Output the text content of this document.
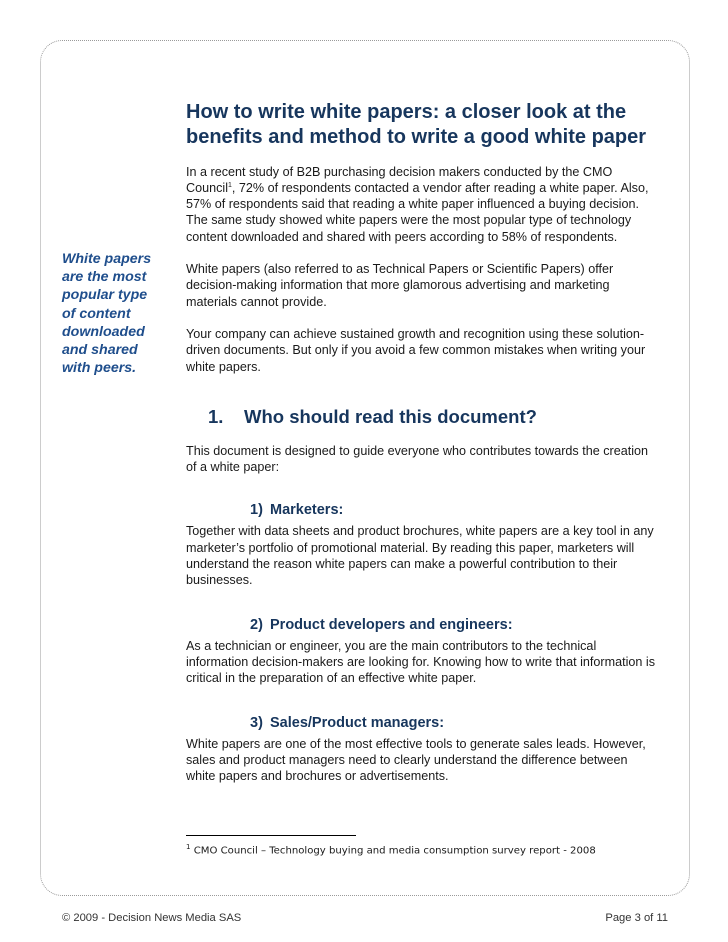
White papers are the most popular type of content downloaded and shared with peers.
How to write white papers: a closer look at the benefits and method to write a good white paper

In a recent study of B2B purchasing decision makers conducted by the CMO Council$^1$, 72% of respondents contacted a vendor after reading a white paper. Also, 57% of respondents said that reading a white paper influenced a buying decision. The same study showed white papers were the most popular type of technology content downloaded and shared with peers according to 58% of respondents.

White papers (also referred to as Technical Papers or Scientific Papers) offer decision-making information that more glamorous advertising and marketing materials cannot provide.

Your company can achieve sustained growth and recognition using these solution-driven documents. But only if you avoid a few common mistakes when writing your white papers.

1. Who should read this document?

This document is designed to guide everyone who contributes towards the creation of a white paper:

1) Marketers:

Together with data sheets and product brochures, white papers are a key tool in any marketer’s portfolio of promotional material. By reading this paper, marketers will understand the reason white papers can make a powerful contribution to their businesses.

2) Product developers and engineers:

As a technician or engineer, you are the main contributors to the technical information decision-makers are looking for. Knowing how to write that information is critical in the preparation of an effective white paper.

3) Sales/Product managers:

White papers are one of the most effective tools to generate sales leads. However, sales and product managers need to clearly understand the difference between white papers and brochures or advertisements.

$^1$ CMO Council – Technology buying and media consumption survey report - 2008
© 2009 - Decision News Media SAS	Page 3 of 11
